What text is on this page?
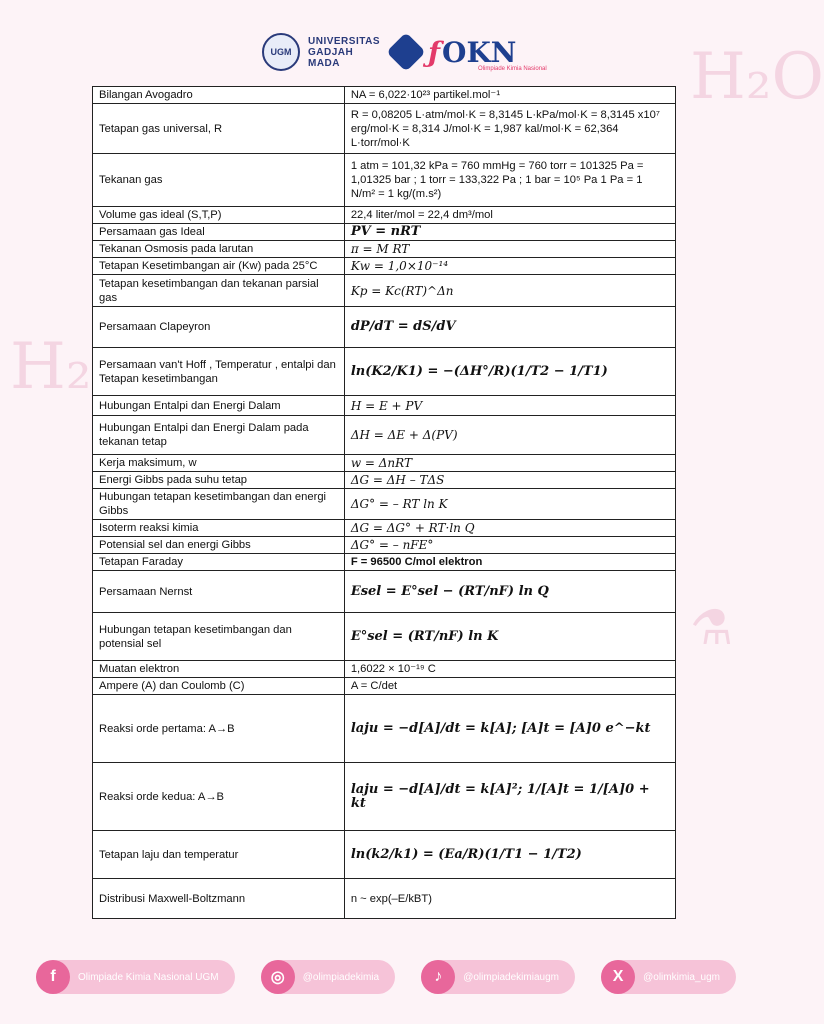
H₂
H₂O
⚗
UGM
UNIVERSITAS GADJAH MADA	ƒ OKN
Olimpiade Kimia Nasional
Bilangan Avogadro	NA = 6,022·10²³ partikel.mol⁻¹
Tetapan gas universal, R	R = 0,08205 L·atm/mol·K = 8,3145 L·kPa/mol·K = 8,3145 x10⁷ erg/mol·K = 8,314 J/mol·K = 1,987 kal/mol·K = 62,364 L·torr/mol·K
Tekanan gas	1 atm = 101,32 kPa = 760 mmHg = 760 torr = 101325 Pa = 1,01325 bar ; 1 torr = 133,322 Pa ; 1 bar = 10⁵ Pa 1 Pa = 1 N/m² = 1 kg/(m.s²)
Volume gas ideal (S,T,P)	22,4 liter/mol = 22,4 dm³/mol
Persamaan gas Ideal	PV = nRT
Tekanan Osmosis pada larutan	π = M RT
Tetapan Kesetimbangan air (Kw) pada 25°C	Kw = 1,0×10⁻¹⁴
Tetapan kesetimbangan dan tekanan parsial gas	Kp = Kc(RT)^Δn
Persamaan Clapeyron	dP/dT = dS/dV
Persamaan van't Hoff , Temperatur , entalpi dan Tetapan kesetimbangan	ln(K2/K1) = −(ΔH°/R)(1/T2 − 1/T1)
Hubungan Entalpi dan Energi Dalam	H = E + PV
Hubungan Entalpi dan Energi Dalam pada tekanan tetap	ΔH = ΔE + Δ(PV)
Kerja maksimum, w	w = ΔnRT
Energi Gibbs pada suhu tetap	ΔG = ΔH – TΔS
Hubungan tetapan kesetimbangan dan energi Gibbs	ΔG° = – RT ln K
Isoterm reaksi kimia	ΔG = ΔG° + RT·ln Q
Potensial sel dan energi Gibbs	ΔG° = – nFE°
Tetapan Faraday	F = 96500 C/mol elektron
Persamaan Nernst	Esel = E°sel − (RT/nF) ln Q
Hubungan tetapan kesetimbangan dan potensial sel	E°sel = (RT/nF) ln K
Muatan elektron	1,6022 × 10⁻¹⁹ C
Ampere (A) dan Coulomb (C)	A = C/det
Reaksi orde pertama: A→B	laju = −d[A]/dt = k[A]; [A]t = [A]0 e^−kt
Reaksi orde kedua: A→B	laju = −d[A]/dt = k[A]²; 1/[A]t = 1/[A]0 + kt
Tetapan laju dan temperatur	ln(k2/k1) = (Ea/R)(1/T1 − 1/T2)
Distribusi Maxwell-Boltzmann	n ~ exp(–E/kBT)
f	Olimpiade Kimia Nasional UGM	◎	@olimpiadekimia	♪	@olimpiadekimiaugm	X	@olimkimia_ugm
